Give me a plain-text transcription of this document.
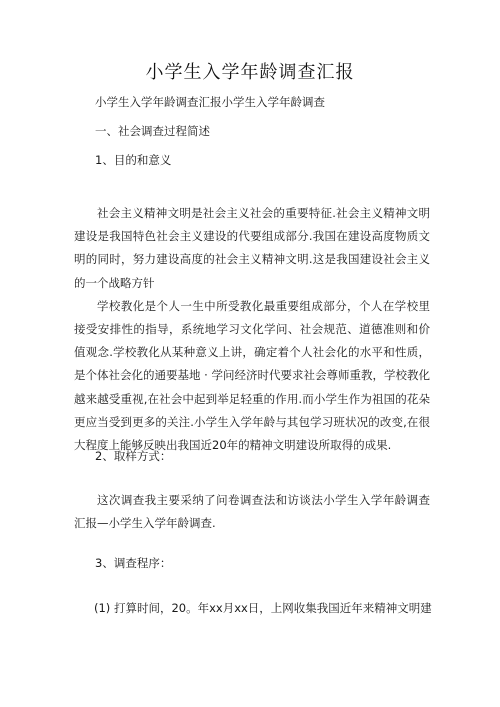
小学生入学年龄调查汇报
小学生入学年龄调查汇报小学生入学年龄调查
一、社会调查过程简述
1、目的和意义

社会主义精神文明是社会主义社会的重要特征.社会主义精神文明建设是我国特色社会主义建设的代要组成部分.我国在建设高度物质文明的同时，努力建设高度的社会主义精神文明.这是我国建设社会主义的一个战略方针

学校教化是个人一生中所受教化最重要组成部分，个人在学校里接受安排性的指导，系统地学习文化学问、社会规范、道德准则和价值观念.学校教化从某种意义上讲，确定着个人社会化的水平和性质，是个体社会化的通要基地 · 学问经济时代要求社会尊师重教，学校教化越来越受重视,在社会中起到举足轻重的作用.而小学生作为祖国的花朵更应当受到更多的关注.小学生入学年龄与其包学习班状况的改变,在很大程度上能够反映出我国近20年的精神文明建设所取得的成果.

2、取样方式：

这次调查我主要采纳了问卷调查法和访谈法小学生入学年龄调查汇报—小学生入学年龄调查.

3、调查程序：
(1) 打算时间，20。年xx月xx日，上网收集我国近年来精神文明建
